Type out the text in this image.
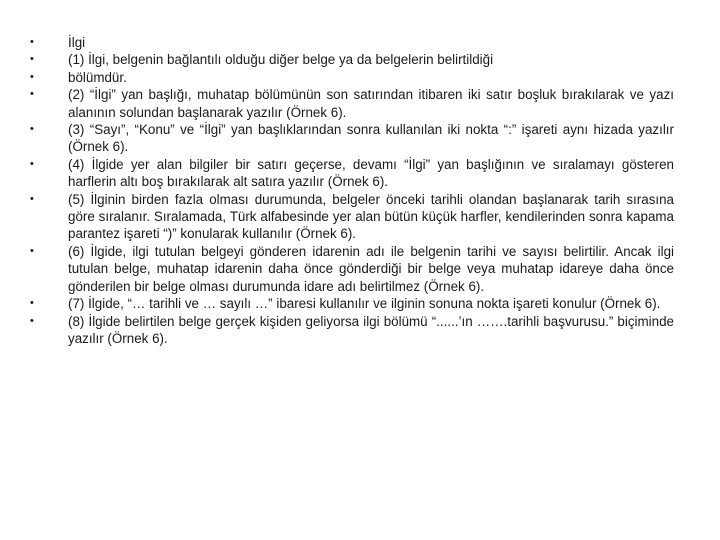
•	İlgi
•	(1) İlgi, belgenin bağlantılı olduğu diğer belge ya da belgelerin belirtildiği
•	bölümdür.
•	(2) “İlgi” yan başlığı, muhatap bölümünün son satırından itibaren iki satır boşluk bırakılarak ve yazı alanının solundan başlanarak yazılır (Örnek 6).
•	(3) “Sayı”, “Konu” ve “İlgi” yan başlıklarından sonra kullanılan iki nokta “:” işareti aynı hizada yazılır (Örnek 6).
•	(4) İlgide yer alan bilgiler bir satırı geçerse, devamı “İlgi” yan başlığının ve sıralamayı gösteren harflerin altı boş bırakılarak alt satıra yazılır (Örnek 6).
•	(5) İlginin birden fazla olması durumunda, belgeler önceki tarihli olandan başlanarak tarih sırasına göre sıralanır. Sıralamada, Türk alfabesinde yer alan bütün küçük harfler, kendilerinden sonra kapama parantez işareti “)” konularak kullanılır (Örnek 6).
•	(6) İlgide, ilgi tutulan belgeyi gönderen idarenin adı ile belgenin tarihi ve sayısı belirtilir. Ancak ilgi tutulan belge, muhatap idarenin daha önce gönderdiği bir belge veya muhatap idareye daha önce gönderilen bir belge olması durumunda idare adı belirtilmez (Örnek 6).
•	(7) İlgide, “… tarihli ve … sayılı …” ibaresi kullanılır ve ilginin sonuna nokta işareti konulur (Örnek 6).
•	(8) İlgide belirtilen belge gerçek kişiden geliyorsa ilgi bölümü “......’ın …….tarihli başvurusu.” biçiminde yazılır (Örnek 6).
